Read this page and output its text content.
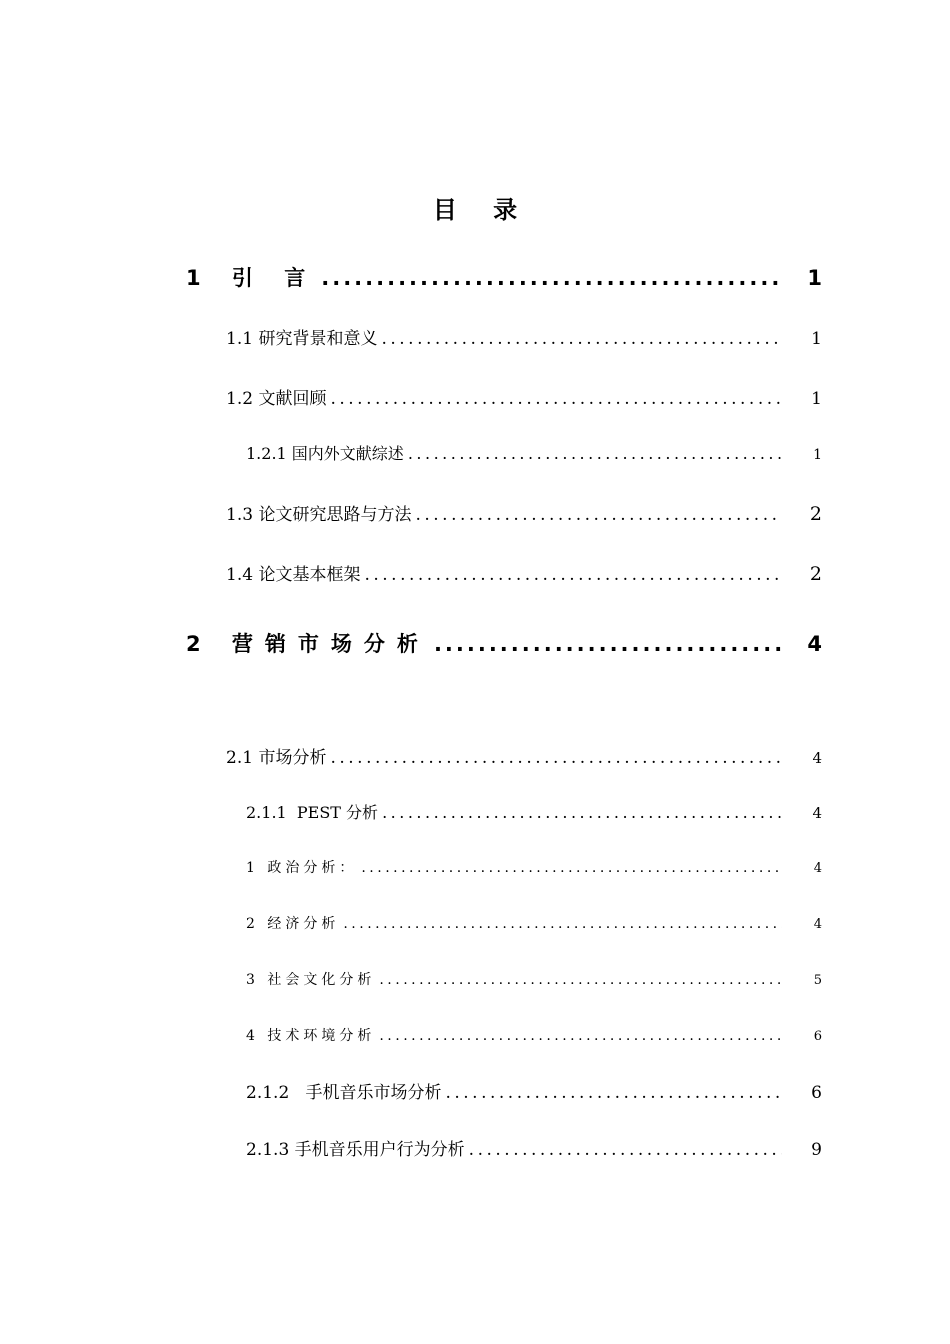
目 录
1 引 言 .....	1
1.1 研究背景和意义 .....	1
1.2 文献回顾 .....	1
1.2.1 国内外文献综述 .....	1
1.3 论文研究思路与方法 .....	2
1.4 论文基本框架 .....	2
2 营销市场分析 .....	4
2.1 市场分析 .....	4
2.1.1  PEST 分析 .....	4
1 政治分析： .....	4
2 经济分析 .....	4
3 社会文化分析 .....	5
4 技术环境分析 .....	6
2.1.2   手机音乐市场分析 .....	6
2.1.3 手机音乐用户行为分析 .....	9
